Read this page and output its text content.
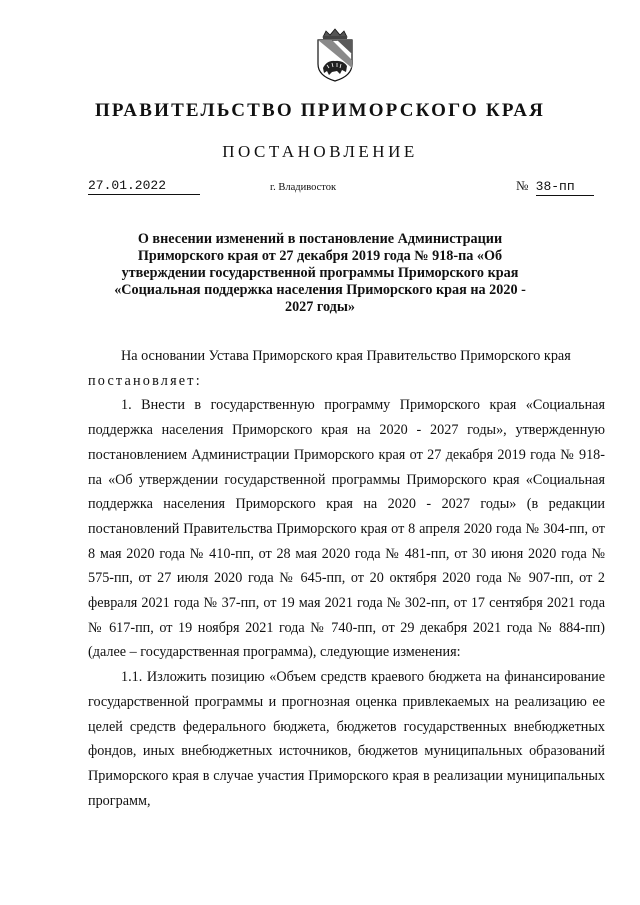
ПРАВИТЕЛЬСТВО ПРИМОРСКОГО КРАЯ
ПОСТАНОВЛЕНИЕ
27.01.2022	г. Владивосток	№ 38-пп
О внесении изменений в постановление Администрации Приморского края от 27 декабря 2019 года № 918-па «Об утверждении государственной программы Приморского края «Социальная поддержка населения Приморского края на 2020 - 2027 годы»

На основании Устава Приморского края Правительство Приморского края

постановляет:

1. Внести в государственную программу Приморского края «Социальная поддержка населения Приморского края на 2020 - 2027 годы», утвержденную постановлением Администрации Приморского края от 27 декабря 2019 года № 918-па «Об утверждении государственной программы Приморского края «Социальная поддержка населения Приморского края на 2020 - 2027 годы» (в редакции постановлений Правительства Приморского края от 8 апреля 2020 года № 304-пп, от 8 мая 2020 года № 410-пп, от 28 мая 2020 года № 481-пп, от 30 июня 2020 года № 575-пп, от 27 июля 2020 года № 645-пп, от 20 октября 2020 года № 907-пп, от 2 февраля 2021 года № 37-пп, от 19 мая 2021 года № 302-пп, от 17 сентября 2021 года № 617-пп, от 19 ноября 2021 года № 740-пп, от 29 декабря 2021 года № 884-пп) (далее – государственная программа), следующие изменения:

1.1. Изложить позицию «Объем средств краевого бюджета на финансирование государственной программы и прогнозная оценка привлекаемых на реализацию ее целей средств федерального бюджета, бюджетов государственных внебюджетных фондов, иных внебюджетных источников, бюджетов муниципальных образований Приморского края в случае участия Приморского края в реализации муниципальных программ,
